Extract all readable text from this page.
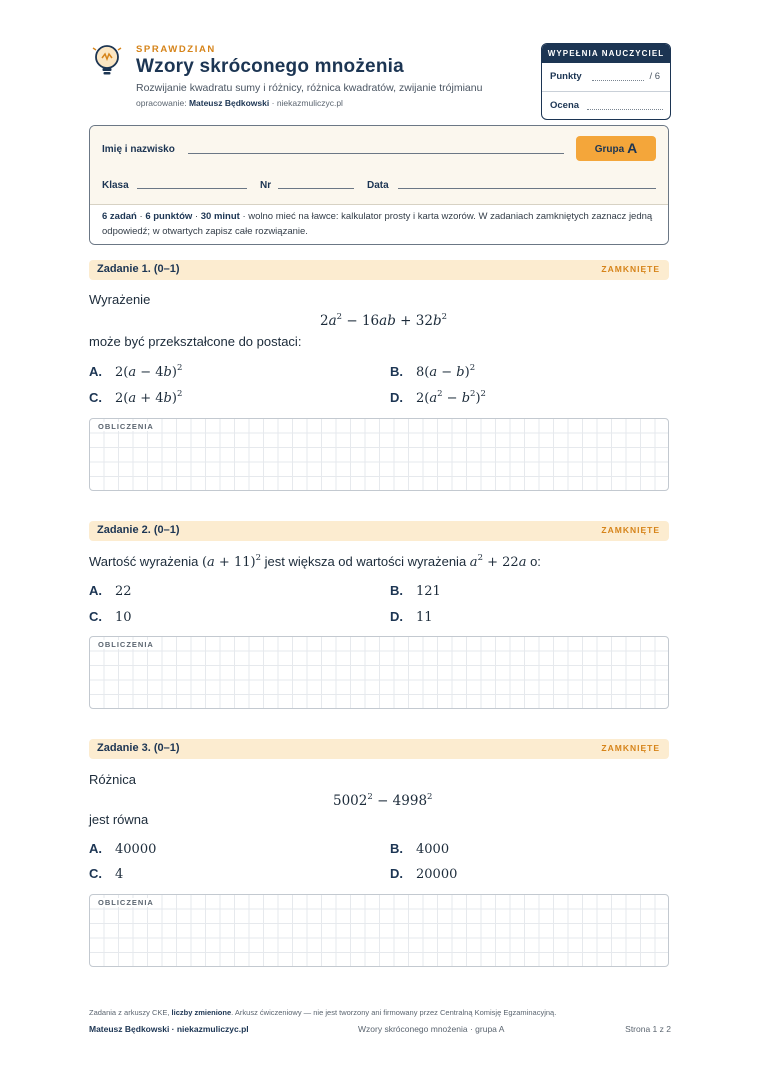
SPRAWDZIAN
Wzory skróconego mnożenia
Rozwijanie kwadratu sumy i różnicy, różnica kwadratów, zwijanie trójmianu
opracowanie: Mateusz Będkowski · niekazmuliczyc.pl
WYPEŁNIA NAUCZYCIEL
Punkty	/ 6
Ocena
Imię i nazwisko	Grupa A
Klasa	Nr	Data
6 zadań · 6 punktów · 30 minut · wolno mieć na ławce: kalkulator prosty i karta wzorów. W zadaniach zamkniętych zaznacz jedną odpowiedź; w otwartych zapisz całe rozwiązanie.
Zadanie 1. (0–1)	ZAMKNIĘTE
Wyrażenie
$2a^2 - 16ab + 32b^2$
może być przekształcone do postaci:
A. $2(a - 4b)^2$	B. $8(a - b)^2$
C. $2(a + 4b)^2$	D. $2(a^2 - b^2)^2$
OBLICZENIA
Zadanie 2. (0–1)	ZAMKNIĘTE
Wartość wyrażenia $(a + 11)^2$ jest większa od wartości wyrażenia $a^2 + 22a$ o:
A. 22	B. 121
C. 10	D. 11
OBLICZENIA
Zadanie 3. (0–1)	ZAMKNIĘTE
Różnica
$5002^2 - 4998^2$
jest równa
A. 40000	B. 4000
C. 4	D. 20000
OBLICZENIA
Zadania z arkuszy CKE, liczby zmienione. Arkusz ćwiczeniowy — nie jest tworzony ani firmowany przez Centralną Komisję Egzaminacyjną.
Mateusz Będkowski · niekazmuliczyc.pl	Wzory skróconego mnożenia · grupa A	Strona 1 z 2
